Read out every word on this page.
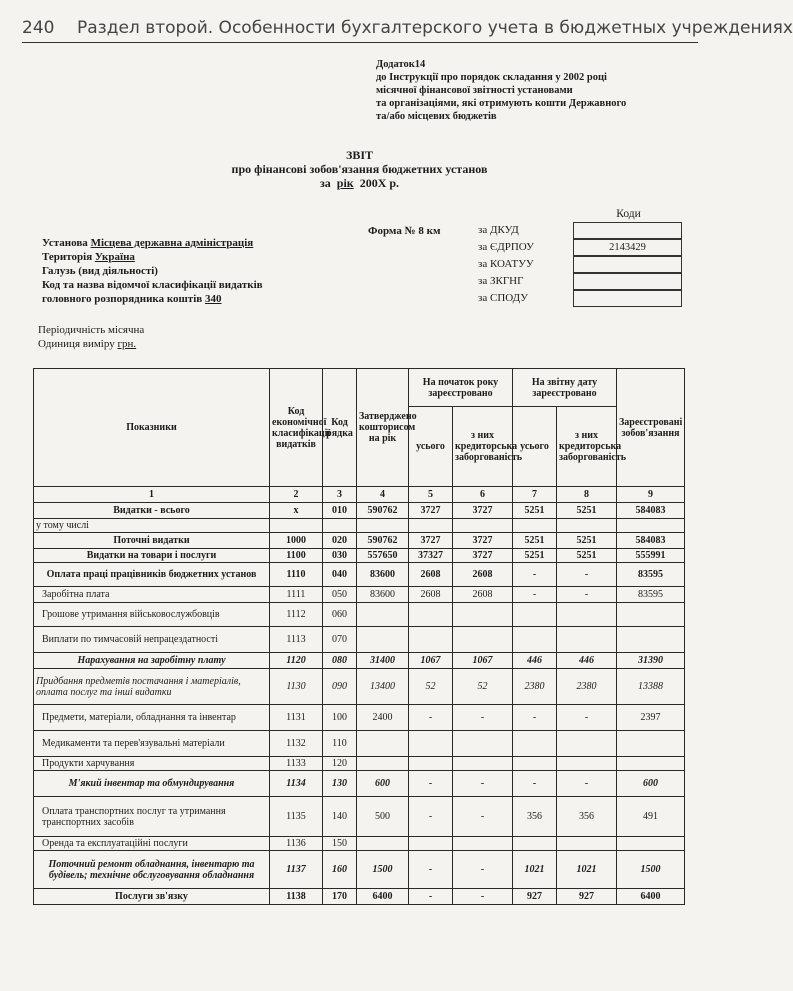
240 Раздел второй. Особенности бухгалтерского учета в бюджетных учреждениях
Додаток14
до Інструкції про порядок складання у 2002 році
місячної фінансової звітності установами
та організаціями, які отримують кошти Державного
та/або місцевих бюджетів
ЗВІТ
про фінансові зобов'язання бюджетних установ
за рік 200Х р.
Коди
Форма № 8 км	за ДКУД
за ЄДРПОУ	2143429
за КОАТУУ
за ЗКГНГ
за СПОДУ
Установа Місцева державна адміністрація
Територія Україна
Галузь (вид діяльності)
Код та назва відомчої класифікації видатків
головного розпорядника коштів 340
Періодичність місячна
Одиниця виміру грн.
Показники	Код економічної класифікації видатків	Код рядка	Затверджено кошторисом на рік	На початок року зареєстровано		На звітну дату зареєстровано		Зареєстровані зобов'язання
				усього	з них кредиторська заборгованість	усього	з них кредиторська заборгованість	
1	2	3	4	5	6	7	8	9
Видатки - всього	х	010	590762	3727	3727	5251	5251	584083
у тому числі								
Поточні видатки	1000	020	590762	3727	3727	5251	5251	584083
Видатки на товари і послуги	1100	030	557650	37327	3727	5251	5251	555991
Оплата праці працівників бюджетних установ	1110	040	83600	2608	2608	-	-	83595
Заробітна плата	1111	050	83600	2608	2608	-	-	83595
Грошове утримання військовослужбовців	1112	060						
Виплати по тимчасовій непрацездатності	1113	070						
Нарахування на заробітну плату	1120	080	31400	1067	1067	446	446	31390
Придбання предметів постачання і матеріалів, оплата послуг та інші видатки	1130	090	13400	52	52	2380	2380	13388
Предмети, матеріали, обладнання та інвентар	1131	100	2400	-	-	-	-	2397
Медикаменти та перев'язувальні матеріали	1132	110						
Продукти харчування	1133	120						
М'який інвентар та обмундирування	1134	130	600	-	-	-	-	600
Оплата транспортних послуг та утримання транспортних засобів	1135	140	500	-	-	356	356	491
Оренда та експлуатаційні послуги	1136	150						
Поточний ремонт обладнання, інвентарю та будівель; технічне обслуговування обладнання	1137	160	1500	-	-	1021	1021	1500
Послуги зв'язку	1138	170	6400	-	-	927	927	6400
